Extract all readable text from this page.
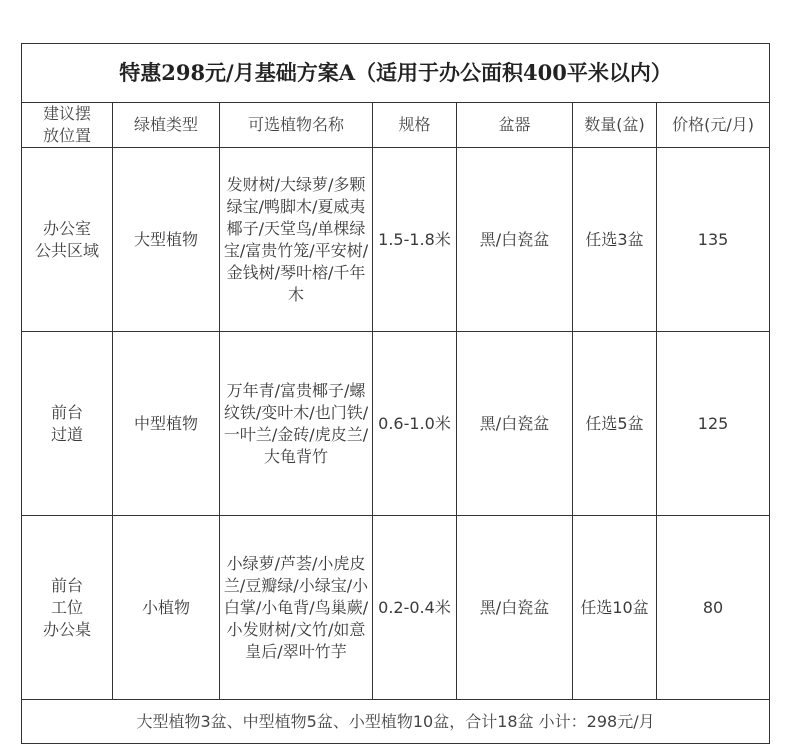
特惠298元/月基础方案A（适用于办公面积400平米以内）						

建议摆
放位置	绿植类型	可选植物名称	规格	盆器	数量(盆)	价格(元/月)

办公室
公共区域	大型植物	发财树/大绿萝/多颗绿宝/鸭脚木/夏威夷椰子/天堂鸟/单棵绿宝/富贵竹笼/平安树/金钱树/琴叶榕/千年木	1.5-1.8米	黑/白瓷盆	任选3盆	135

前台
过道	中型植物	万年青/富贵椰子/螺纹铁/变叶木/也门铁/一叶兰/金砖/虎皮兰/大龟背竹	0.6-1.0米	黑/白瓷盆	任选5盆	125

前台
工位
办公桌	小植物	小绿萝/芦荟/小虎皮兰/豆瓣绿/小绿宝/小白掌/小龟背/鸟巢蕨/小发财树/文竹/如意皇后/翠叶竹芋	0.2-0.4米	黑/白瓷盆	任选10盆	80
大型植物3盆、中型植物5盆、小型植物10盆，合计18盆 小计：298元/月						
